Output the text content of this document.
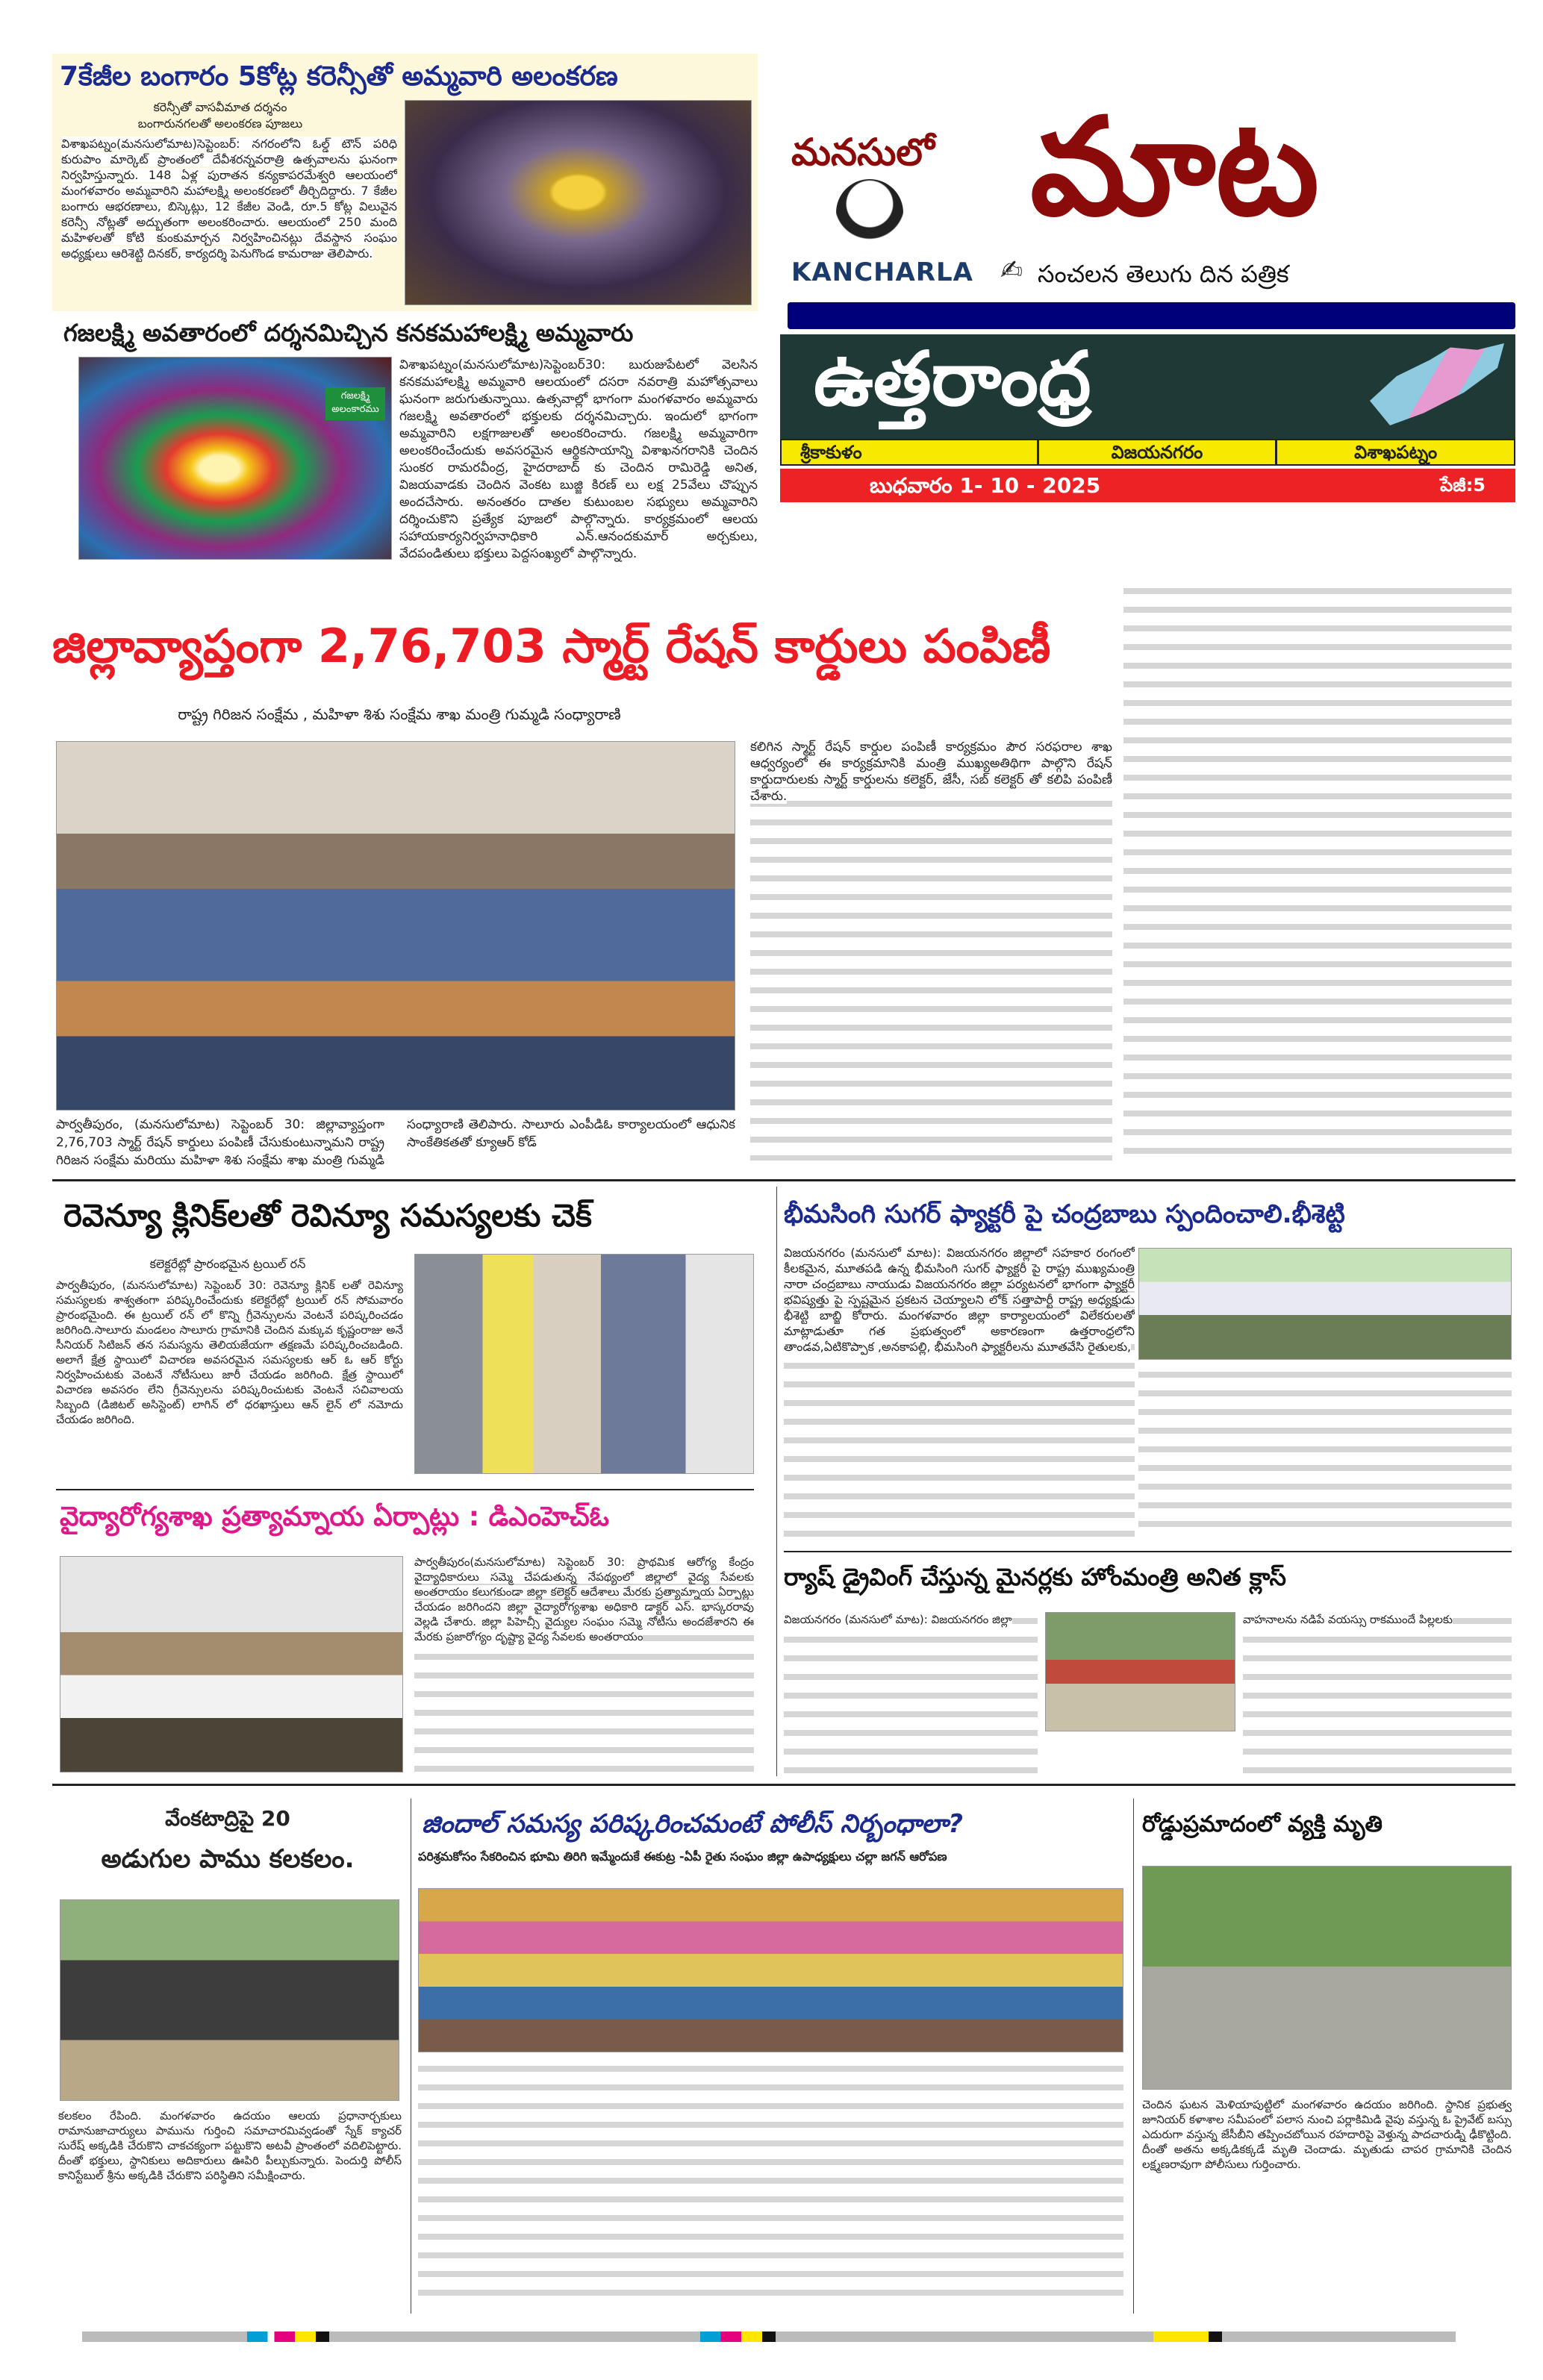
7కేజీల బంగారం 5కోట్ల కరెన్సీతో అమ్మవారి అలంకరణ
కరెన్సీతో వాసవీమాత దర్శనం
బంగారునగలతో అలంకరణ పూజలు
విశాఖపట్నం(మనసులోమాట)సెప్టెంబర్: నగరంలోని ఓల్డ్ టౌన్ పరిధి కురుపాం మార్కెట్ ప్రాంతంలో దేవీశరన్నవరాత్రి ఉత్సవాలను ఘనంగా నిర్వహిస్తున్నారు. 148 ఏళ్ల పురాతన కన్యకాపరమేశ్వరి ఆలయంలో మంగళవారం అమ్మవారిని మహాలక్ష్మి అలంకరణలో తీర్చిదిద్దారు. 7 కేజీల బంగారు ఆభరణాలు, బిస్కెట్లు, 12 కేజీల వెండి, రూ.5 కోట్ల విలువైన కరెన్సీ నోట్లతో అద్భుతంగా అలంకరించారు. ఆలయంలో 250 మంది మహిళలతో కోటి కుంకుమార్చన నిర్వహించినట్లు దేవస్థాన సంఘం అధ్యక్షులు ఆరిశెట్టి దినకర్, కార్యదర్శి పెనుగొండ కామరాజు తెలిపారు.
గజలక్ష్మి అవతారంలో దర్శనమిచ్చిన కనకమహాలక్ష్మి అమ్మవారు
గజలక్ష్మి అలంకారము
విశాఖపట్నం(మనసులోమాట)సెప్టెంబర్30: బురుజుపేటలో వెలసిన కనకమహాలక్ష్మి అమ్మవారి ఆలయంలో దసరా నవరాత్రి మహోత్సవాలు ఘనంగా జరుగుతున్నాయి. ఉత్సవాల్లో భాగంగా మంగళవారం అమ్మవారు గజలక్ష్మి అవతారంలో భక్తులకు దర్శనమిచ్చారు. ఇందులో భాగంగా అమ్మవారిని లక్షగాజులతో అలంకరించారు. గజలక్ష్మి అమ్మవారిగా అలంకరించేందుకు అవసరమైన ఆర్థికసాయాన్ని విశాఖనగరానికి చెందిన సుంకర రామరవీంద్ర, హైదరాబాద్ కు చెందిన రామిరెడ్డి అనిత, విజయవాడకు చెందిన వెంకట బుజ్జి కిరణ్ లు లక్ష 25వేలు చొప్పున అందచేసారు. అనంతరం దాతల కుటుంబల సభ్యులు అమ్మవారిని దర్శించుకొని ప్రత్యేక పూజలో పాల్గొన్నారు. కార్యక్రమంలో ఆలయ సహాయకార్యనిర్వహనాధికారి ఎన్.ఆనందకుమార్ అర్చకులు, వేదపండితులు భక్తులు పెద్దసంఖ్యలో పాల్గొన్నారు.
మనసులో
KANCHARLA
మాట
✍ సంచలన తెలుగు దిన పత్రిక
ఉత్తరాంధ్ర
శ్రీకాకుళం	విజయనగరం	విశాఖపట్నం
బుధవారం 1- 10 - 2025	పేజీ:5
జిల్లావ్యాప్తంగా 2,76,703 స్మార్ట్ రేషన్ కార్డులు పంపిణీ
రాష్ట్ర గిరిజన సంక్షేమ , మహిళా శిశు సంక్షేమ శాఖ మంత్రి గుమ్మడి సంధ్యారాణి
పార్వతీపురం, (మనసులోమాట) సెప్టెంబర్ 30: జిల్లావ్యాప్తంగా 2,76,703 స్మార్ట్ రేషన్ కార్డులు పంపిణీ చేసుకుంటున్నామని రాష్ట్ర గిరిజన సంక్షేమ మరియు మహిళా శిశు సంక్షేమ శాఖ మంత్రి గుమ్మడి సంధ్యారాణి తెలిపారు. సాలూరు ఎంపీడిఓ కార్యాలయంలో ఆధునిక సాంకేతికతతో క్యూఆర్ కోడ్
కలిగిన స్మార్ట్ రేషన్ కార్డుల పంపిణీ కార్యక్రమం పౌర సరఫరాల శాఖ ఆధ్వర్యంలో ఈ కార్యక్రమానికి మంత్రి ముఖ్యఅతిథిగా పాల్గొని రేషన్ కార్డుదారులకు స్మార్ట్ కార్డులను కలెక్టర్, జేసీ, సబ్ కలెక్టర్ తో కలిపి పంపిణీ చేశారు.
రెవెన్యూ క్లినిక్‌లతో రెవిన్యూ సమస్యలకు చెక్
కలెక్టరేట్లో ప్రారంభమైన ట్రయిల్ రన్
పార్వతీపురం, (మనసులోమాట) సెప్టెంబర్ 30: రెవెన్యూ క్లినిక్ లతో రెవిన్యూ సమస్యలకు శాశ్వతంగా పరిష్కరించేందుకు కలెక్టరేట్లో ట్రయిల్ రన్ సోమవారం ప్రారంభమైంది. ఈ ట్రయిల్ రన్ లో కొన్ని గ్రీవెన్సులను వెంటనే పరిష్కరించడం జరిగింది.సాలూరు మండలం సాలూరు గ్రామానికి చెందిన మక్కువ కృష్ణంరాజు అనే సీనియర్ సిటిజన్ తన సమస్యను తెలియజేయగా తక్షణమే పరిష్కరించబడింది. అలాగే క్షేత్ర స్థాయిలో విచారణ అవసరమైన సమస్యలకు ఆర్ ఓ ఆర్ కోర్టు నిర్వహించుటకు వెంటనే నోటీసులు జారీ చేయడం జరిగింది. క్షేత్ర స్థాయిలో విచారణ అవసరం లేని గ్రీవెన్సులను పరిష్కరించుటకు వెంటనే సచివాలయ సిబ్బంది (డిజిటల్ అసిస్టెంట్) లాగిన్ లో ధరఖాస్తులు ఆన్ లైన్ లో నమోదు చేయడం జరిగింది.
భీమసింగి సుగర్ ఫ్యాక్టరీ పై చంద్రబాబు స్పందించాలి.భీశెట్టి
విజయనగరం (మనసులో మాట): విజయనగరం జిల్లాలో సహకార రంగంలో కీలకమైన, మూతపడి ఉన్న భీమసింగి సుగర్ ఫ్యాక్టరీ పై రాష్ట్ర ముఖ్యమంత్రి నారా చంద్రబాబు నాయుడు విజయనగరం జిల్లా పర్యటనలో భాగంగా ఫ్యాక్టరీ భవిష్యత్తు పై స్పష్టమైన ప్రకటన చెయ్యాలని లోక్ సత్తాపార్టీ రాష్ట్ర అధ్యక్షుడు భీశెట్టి బాబ్జి కోరారు. మంగళవారం జిల్లా కార్యాలయంలో విలేకరులతో మాట్లాడుతూ గత ప్రభుత్వంలో అకారణంగా ఉత్తరాంధ్రలోని తాండవ,ఏటికొప్పాక ,అనకాపల్లి, భీమసింగి ఫ్యాక్టరీలను మూతవేసి రైతులకు,
వైద్యారోగ్యశాఖ ప్రత్యామ్నాయ ఏర్పాట్లు : డిఎంహెచ్ఓ
పార్వతీపురం(మనసులోమాట) సెప్టెంబర్ 30: ప్రాథమిక ఆరోగ్య కేంద్రం వైద్యాధికారులు సమ్మె చేపడుతున్న నేపథ్యంలో జిల్లాలో వైద్య సేవలకు అంతరాయం కలుగకుండా జిల్లా కలెక్టర్ ఆదేశాలు మేరకు ప్రత్యామ్నాయ ఏర్పాట్లు చేయడం జరిగిందని జిల్లా వైద్యారోగ్యశాఖ అధికారి డాక్టర్ ఎస్. భాస్కరరావు వెల్లడి చేశారు. జిల్లా పిహెచ్సీ వైద్యుల సంఘం సమ్మె నోటీసు అందజేశారని ఈ మేరకు ప్రజారోగ్యం దృష్ట్యా వైద్య సేవలకు అంతరాయం
ర్యాష్ డ్రైవింగ్ చేస్తున్న మైనర్లకు హోంమంత్రి అనిత క్లాస్
విజయనగరం (మనసులో మాట): విజయనగరం జిల్లా	వాహనాలను నడిపే వయస్సు రాకముందే పిల్లలకు
వేంకటాద్రిపై 20
అడుగుల పాము కలకలం.
కలకలం రేపింది. మంగళవారం ఉదయం ఆలయ ప్రధానార్చకులు రామానుజాచార్యులు పామును గుర్తించి సమాచారమివ్వడంతో స్నేక్ క్యాచర్ సురేష్ అక్కడికి చేరుకొని చాకచక్యంగా పట్టుకొని అటవీ ప్రాంతంలో వదిలిపెట్టారు. దీంతో భక్తులు, స్థానికులు అదికారులు ఊపిరి పీల్చుకున్నారు. పెందుర్తి పోలీస్ కానిస్టేబుల్ శ్రీను అక్కడికి చేరుకొని పరిస్థితిని సమీక్షించారు.
జిందాల్ సమస్య పరిష్కరించమంటే పోలీస్ నిర్బంధాలా?
పరిశ్రమకోసం సేకరించిన భూమి తిరిగి ఇమ్మేందుకే ఈకుట్ర -ఏపీ రైతు సంఘం జిల్లా ఉపాధ్యక్షులు చల్లా జగన్ ఆరోపణ
రోడ్డుప్రమాదంలో వ్యక్తి మృతి
చెందిన ఘటన మెళియాపుట్టిలో మంగళవారం ఉదయం జరిగింది. స్థానిక ప్రభుత్వ జూనియర్ కళాశాల సమీపంలో పలాస నుంచి పర్లాకిమిడి వైపు వస్తున్న ఓ ప్రైవేట్ బస్సు ఎదురుగా వస్తున్న జేసీబీని తప్పించబోయిన రహదారిపై వెళ్తున్న పాదచారుడ్ని ఢీకొట్టింది. దీంతో అతను అక్కడికక్కడే మృతి చెందాడు. మృతుడు చాపర గ్రామానికి చెందిన లక్ష్మణరావుగా పోలీసులు గుర్తించారు.
